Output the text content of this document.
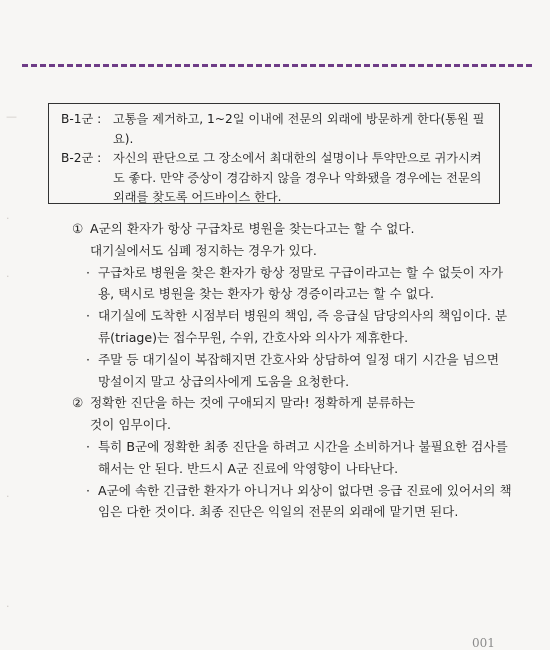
—
·
·
·
·
B-1군 : 고통을 제거하고, 1~2일 이내에 전문의 외래에 방문하게 한다(통원 필요).
B-2군 : 자신의 판단으로 그 장소에서 최대한의 설명이나 투약만으로 귀가시켜도 좋다. 만약 증상이 경감하지 않을 경우나 악화됐을 경우에는 전문의 외래를 찾도록 어드바이스 한다.
① A군의 환자가 항상 구급차로 병원을 찾는다고는 할 수 없다.
대기실에서도 심폐 정지하는 경우가 있다.
· 구급차로 병원을 찾은 환자가 항상 정말로 구급이라고는 할 수 없듯이 자가용, 택시로 병원을 찾는 환자가 항상 경증이라고는 할 수 없다.
· 대기실에 도착한 시점부터 병원의 책임, 즉 응급실 담당의사의 책임이다. 분류(triage)는 접수무원, 수위, 간호사와 의사가 제휴한다.
· 주말 등 대기실이 복잡해지면 간호사와 상담하여 일정 대기 시간을 넘으면 망설이지 말고 상급의사에게 도움을 요청한다.
② 정확한 진단을 하는 것에 구애되지 말라! 정확하게 분류하는
것이 임무이다.
· 특히 B군에 정확한 최종 진단을 하려고 시간을 소비하거나 불필요한 검사를 해서는 안 된다. 반드시 A군 진료에 악영향이 나타난다.
· A군에 속한 긴급한 환자가 아니거나 외상이 없다면 응급 진료에 있어서의 책임은 다한 것이다. 최종 진단은 익일의 전문의 외래에 맡기면 된다.
001
